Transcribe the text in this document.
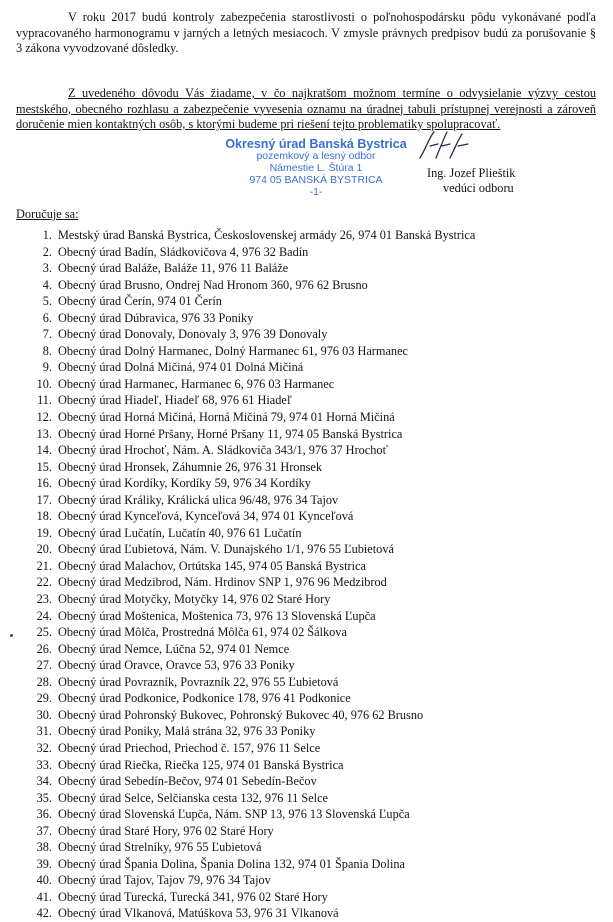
V roku 2017 budú kontroly zabezpečenia starostlivosti o poľnohospodársku pôdu vykonávané podľa vypracovaného harmonogramu v jarných a letných mesiacoch. V zmysle právnych predpisov budú za porušovanie § 3 zákona vyvodzované dôsledky.

Z uvedeného dôvodu Vás žiadame, v čo najkratšom možnom termíne o odvysielanie výzvy cestou mestského, obecného rozhlasu a zabezpečenie vyvesenia oznamu na úradnej tabuli prístupnej verejnosti a zároveň doručenie mien kontaktných osôb, s ktorými budeme pri riešení tejto problematiky spolupracovať.

Okresný úrad Banská Bystrica
pozemkový a lesný odbor
Námestie L. Štúra 1
974 05 BANSKÁ BYSTRICA
-1-
Ing. Jozef Plieštik
vedúci odboru
Doručuje sa:
1. Mestský úrad Banská Bystrica, Československej armády 26, 974 01 Banská Bystrica
2. Obecný úrad Badín, Sládkovičova 4, 976 32 Badín
3. Obecný úrad Baláže, Baláže 11, 976 11 Baláže
4. Obecný úrad Brusno, Ondrej Nad Hronom 360, 976 62 Brusno
5. Obecný úrad Čerín, 974 01 Čerín
6. Obecný úrad Dúbravica, 976 33 Poniky
7. Obecný úrad Donovaly, Donovaly 3, 976 39 Donovaly
8. Obecný úrad Dolný Harmanec, Dolný Harmanec 61, 976 03 Harmanec
9. Obecný úrad Dolná Mičiná, 974 01 Dolná Mičiná
10. Obecný úrad Harmanec, Harmanec 6, 976 03 Harmanec
11. Obecný úrad Hiadeľ, Hiadeľ 68, 976 61 Hiadeľ
12. Obecný úrad Horná Mičiná, Horná Mičiná 79, 974 01 Horná Mičiná
13. Obecný úrad Horné Pršany, Horné Pršany 11, 974 05 Banská Bystrica
14. Obecný úrad Hrochoť, Nám. A. Sládkoviča 343/1, 976 37 Hrochoť
15. Obecný úrad Hronsek, Záhumnie 26, 976 31 Hronsek
16. Obecný úrad Kordíky, Kordíky 59, 976 34 Kordíky
17. Obecný úrad Králiky, Králická ulica 96/48, 976 34 Tajov
18. Obecný úrad Kynceľová, Kynceľová 34, 974 01 Kynceľová
19. Obecný úrad Lučatín, Lučatín 40, 976 61 Lučatín
20. Obecný úrad Ľubietová, Nám. V. Dunajského 1/1, 976 55 Ľubietová
21. Obecný úrad Malachov, Ortútska 145, 974 05 Banská Bystrica
22. Obecný úrad Medzibrod, Nám. Hrdinov SNP 1, 976 96 Medzibrod
23. Obecný úrad Motyčky, Motyčky 14, 976 02 Staré Hory
24. Obecný úrad Moštenica, Moštenica 73, 976 13 Slovenská Ľupča
25. Obecný úrad Môlča, Prostredná Môlča 61, 974 02 Šálkova
26. Obecný úrad Nemce, Lúčna 52, 974 01 Nemce
27. Obecný úrad Oravce, Oravce 53, 976 33 Poniky
28. Obecný úrad Povrazník, Povrazník 22, 976 55 Ľubietová
29. Obecný úrad Podkonice, Podkonice 178, 976 41 Podkonice
30. Obecný úrad Pohronský Bukovec, Pohronský Bukovec 40, 976 62 Brusno
31. Obecný úrad Poniky, Malá strána 32, 976 33 Poniky
32. Obecný úrad Priechod, Priechod č. 157, 976 11 Selce
33. Obecný úrad Riečka, Riečka 125, 974 01 Banská Bystrica
34. Obecný úrad Sebedín-Bečov, 974 01 Sebedín-Bečov
35. Obecný úrad Selce, Selčianska cesta 132, 976 11 Selce
36. Obecný úrad Slovenská Ľupča, Nám. SNP 13, 976 13 Slovenská Ľupča
37. Obecný úrad Staré Hory, 976 02 Staré Hory
38. Obecný úrad Strelníky, 976 55 Ľubietová
39. Obecný úrad Špania Dolina, Špania Dolina 132, 974 01 Špania Dolina
40. Obecný úrad Tajov, Tajov 79, 976 34 Tajov
41. Obecný úrad Turecká, Turecká 341, 976 02 Staré Hory
42. Obecný úrad Vlkanová, Matúškova 53, 976 31 Vlkanová
